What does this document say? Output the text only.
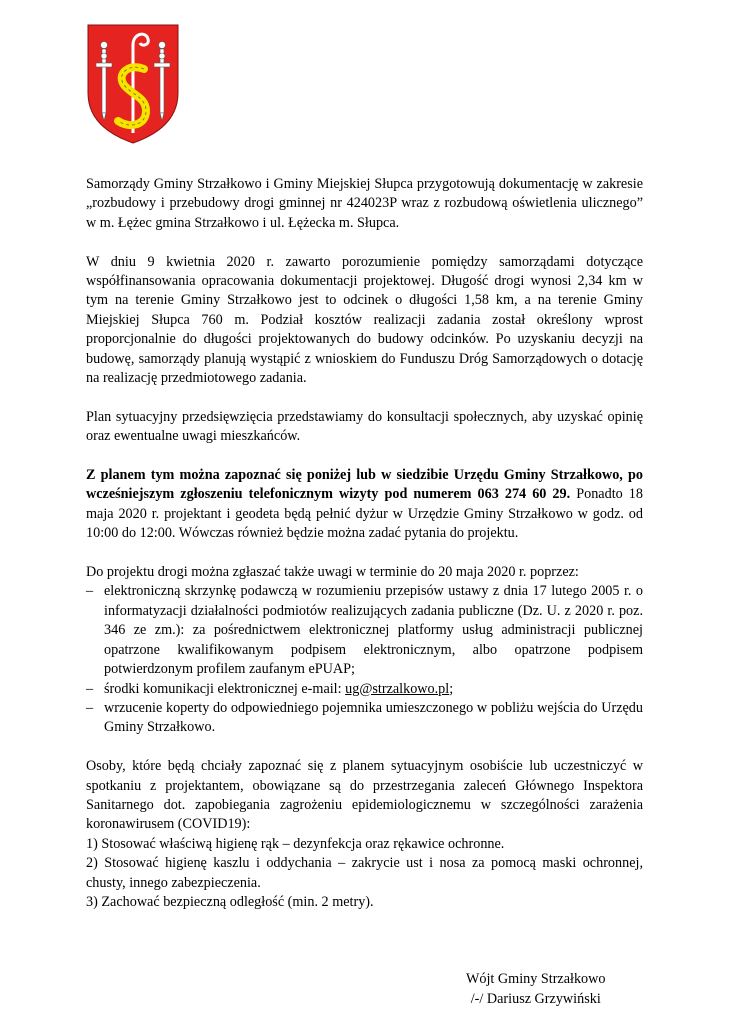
Samorządy Gminy Strzałkowo i Gminy Miejskiej Słupca przygotowują dokumentację w zakresie „rozbudowy i przebudowy drogi gminnej nr 424023P wraz z rozbudową oświetlenia ulicznego” w m. Łężec gmina Strzałkowo i ul. Łężecka m. Słupca.

W dniu 9 kwietnia 2020 r. zawarto porozumienie pomiędzy samorządami dotyczące współfinansowania opracowania dokumentacji projektowej. Długość drogi wynosi 2,34 km w tym na terenie Gminy Strzałkowo jest to odcinek o długości 1,58 km, a na terenie Gminy Miejskiej Słupca 760 m. Podział kosztów realizacji zadania został określony wprost proporcjonalnie do długości projektowanych do budowy odcinków. Po uzyskaniu decyzji na budowę, samorządy planują wystąpić z wnioskiem do Funduszu Dróg Samorządowych o dotację na realizację przedmiotowego zadania.

Plan sytuacyjny przedsięwzięcia przedstawiamy do konsultacji społecznych, aby uzyskać opinię oraz ewentualne uwagi mieszkańców.

Z planem tym można zapoznać się poniżej lub w siedzibie Urzędu Gminy Strzałkowo, po wcześniejszym zgłoszeniu telefonicznym wizyty pod numerem 063 274 60 29. Ponadto 18 maja 2020 r. projektant i geodeta będą pełnić dyżur w Urzędzie Gminy Strzałkowo w godz. od 10:00 do 12:00. Wówczas również będzie można zadać pytania do projektu.

Do projektu drogi można zgłaszać także uwagi w terminie do 20 maja 2020 r. poprzez:

– elektroniczną skrzynkę podawczą w rozumieniu przepisów ustawy z dnia 17 lutego 2005 r. o informatyzacji działalności podmiotów realizujących zadania publiczne (Dz. U. z 2020 r. poz. 346 ze zm.): za pośrednictwem elektronicznej platformy usług administracji publicznej opatrzone kwalifikowanym podpisem elektronicznym, albo opatrzone podpisem potwierdzonym profilem zaufanym ePUAP;
– środki komunikacji elektronicznej e-mail: ug@strzalkowo.pl;
– wrzucenie koperty do odpowiedniego pojemnika umieszczonego w pobliżu wejścia do Urzędu Gminy Strzałkowo.

Osoby, które będą chciały zapoznać się z planem sytuacyjnym osobiście lub uczestniczyć w spotkaniu z projektantem, obowiązane są do przestrzegania zaleceń Głównego Inspektora Sanitarnego dot. zapobiegania zagrożeniu epidemiologicznemu w szczególności zarażenia koronawirusem (COVID19):

1) Stosować właściwą higienę rąk – dezynfekcja oraz rękawice ochronne.
2) Stosować higienę kaszlu i oddychania – zakrycie ust i nosa za pomocą maski ochronnej, chusty, innego zabezpieczenia.
3) Zachować bezpieczną odległość (min. 2 metry).
Wójt Gminy Strzałkowo
/-/ Dariusz Grzywiński
